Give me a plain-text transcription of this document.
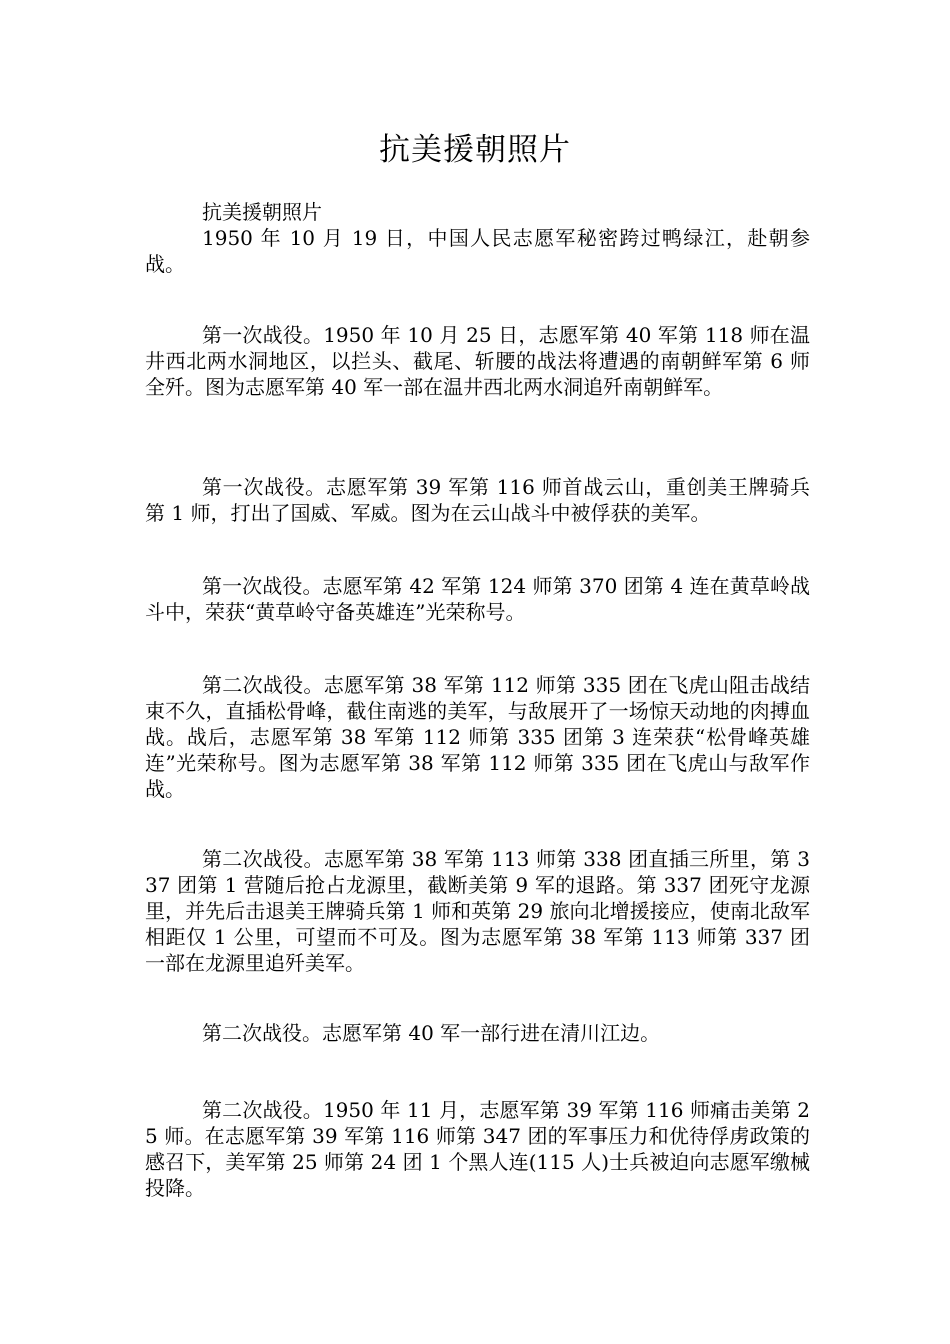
抗美援朝照片

抗美援朝照片

1950 年 10 月 19 日，中国人民志愿军秘密跨过鸭绿江，赴朝参战。

第一次战役。1950 年 10 月 25 日，志愿军第 40 军第 118 师在温井西北两水洞地区，以拦头、截尾、斩腰的战法将遭遇的南朝鲜军第 6 师全歼。图为志愿军第 40 军一部在温井西北两水洞追歼南朝鲜军。

第一次战役。志愿军第 39 军第 116 师首战云山，重创美王牌骑兵第 1 师，打出了国威、军威。图为在云山战斗中被俘获的美军。

第一次战役。志愿军第 42 军第 124 师第 370 团第 4 连在黄草岭战斗中，荣获“黄草岭守备英雄连”光荣称号。

第二次战役。志愿军第 38 军第 112 师第 335 团在飞虎山阻击战结束不久，直插松骨峰，截住南逃的美军，与敌展开了一场惊天动地的肉搏血战。战后，志愿军第 38 军第 112 师第 335 团第 3 连荣获“松骨峰英雄连”光荣称号。图为志愿军第 38 军第 112 师第 335 团在飞虎山与敌军作战。

第二次战役。志愿军第 38 军第 113 师第 338 团直插三所里，第 337 团第 1 营随后抢占龙源里，截断美第 9 军的退路。第 337 团死守龙源里，并先后击退美王牌骑兵第 1 师和英第 29 旅向北增援接应，使南北敌军相距仅 1 公里，可望而不可及。图为志愿军第 38 军第 113 师第 337 团一部在龙源里追歼美军。

第二次战役。志愿军第 40 军一部行进在清川江边。

第二次战役。1950 年 11 月，志愿军第 39 军第 116 师痛击美第 25 师。在志愿军第 39 军第 116 师第 347 团的军事压力和优待俘虏政策的感召下，美军第 25 师第 24 团 1 个黑人连(115 人)士兵被迫向志愿军缴械投降。
